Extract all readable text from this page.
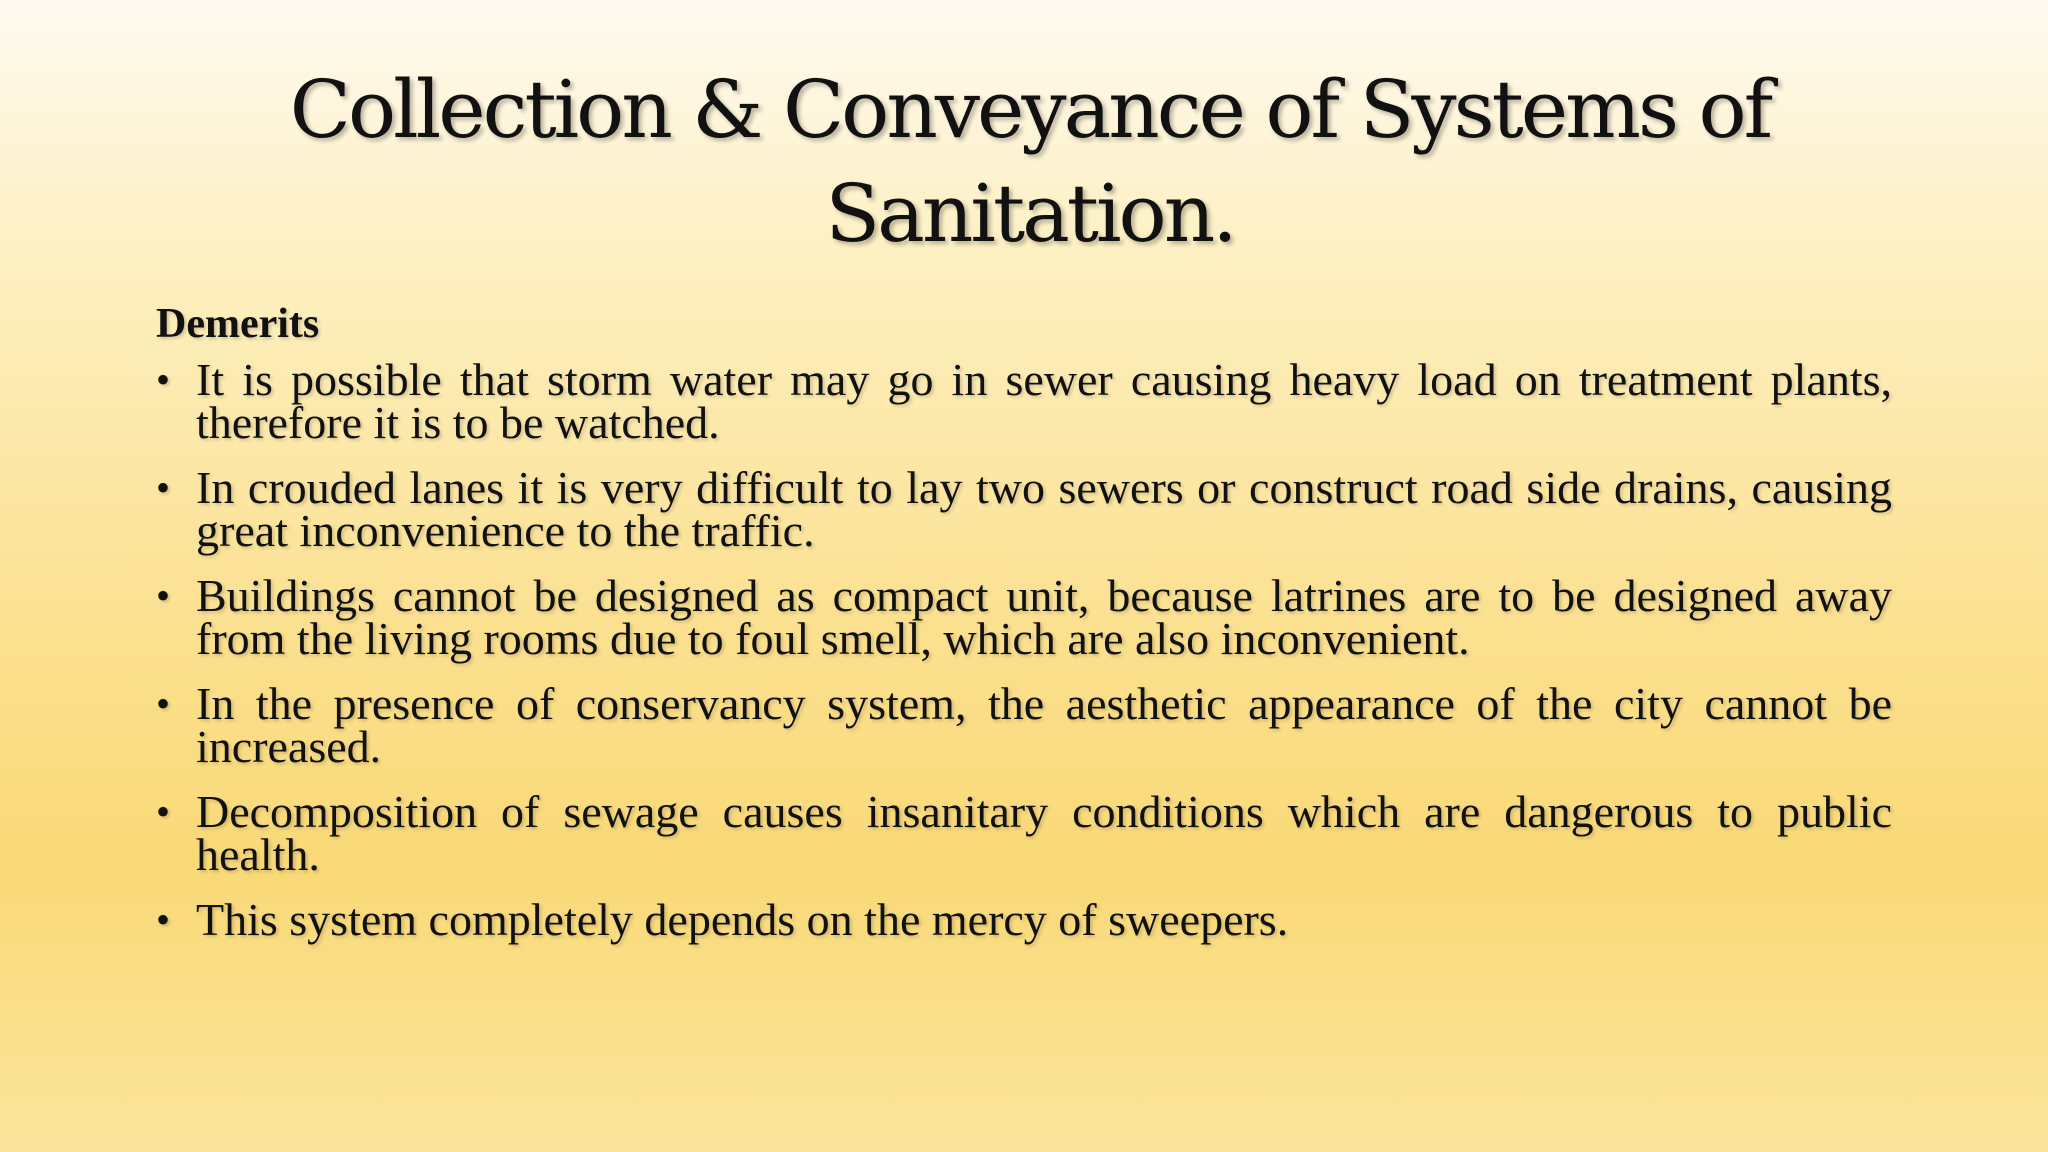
Collection & Conveyance of Systems of Sanitation.
Demerits
• It is possible that storm water may go in sewer causing heavy load on treatment plants, therefore it is to be watched.
• In crouded lanes it is very difficult to lay two sewers or construct road side drains, causing great inconvenience to the traffic.
• Buildings cannot be designed as compact unit, because latrines are to be designed away from the living rooms due to foul smell, which are also inconvenient.
• In the presence of conservancy system, the aesthetic appearance of the city cannot be increased.
• Decomposition of sewage causes insanitary conditions which are dangerous to public health.
• This system completely depends on the mercy of sweepers.
